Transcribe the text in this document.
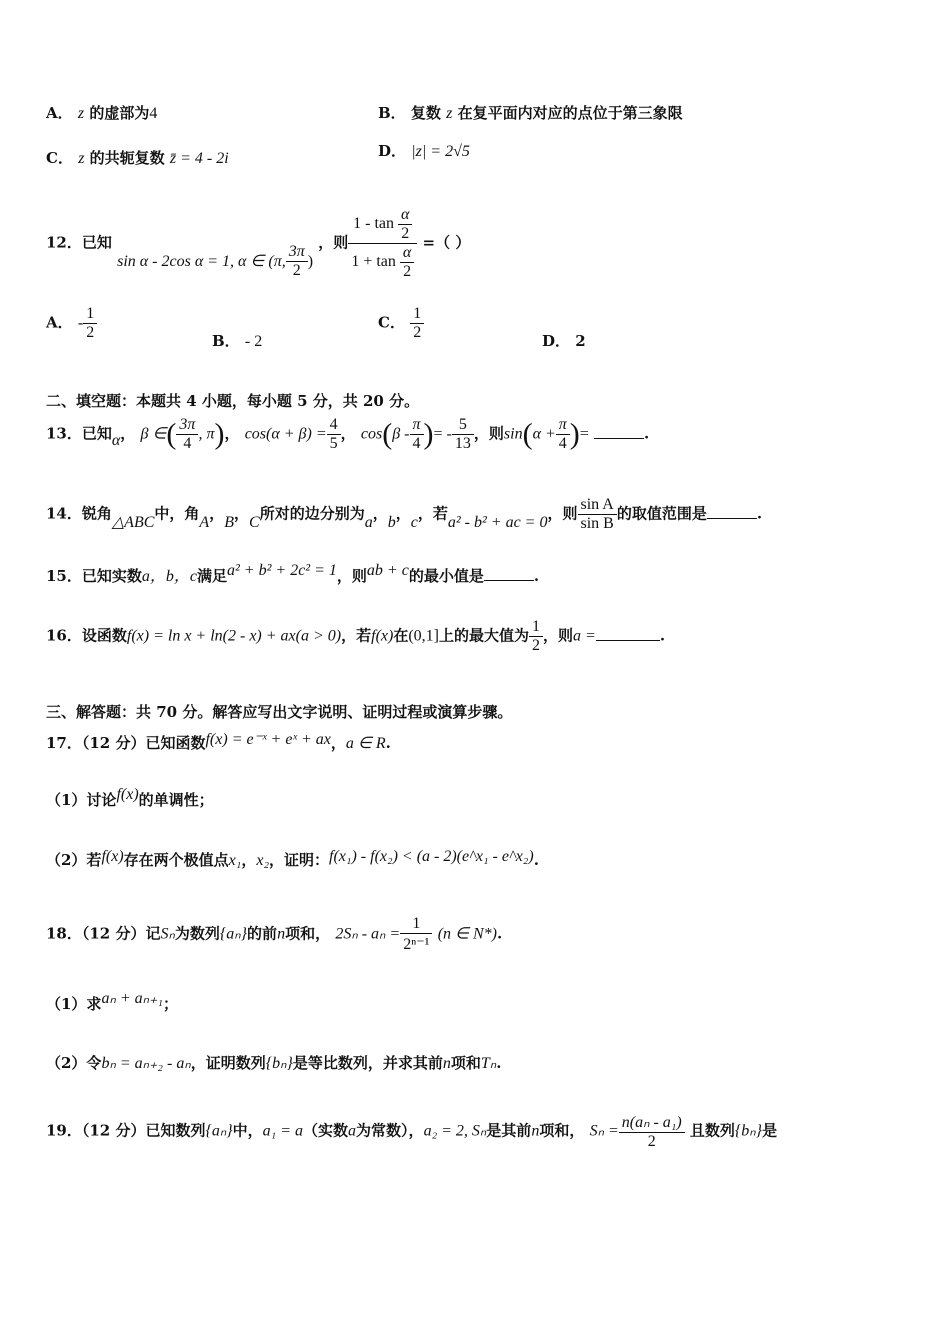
A． z 的虚部为4	B． 复数 z 在复平面内对应的点位于第三象限
C． z 的共轭复数 z̄ = 4 - 2i	D． |z| = 2√5
12．已知 sin α - 2cos α = 1, α ∈ (π, $\frac{3\pi}{2}$ ) ，则 $\frac{1 - \tan \frac{\alpha}{2}}{1 + \tan \frac{\alpha}{2}}$ =（ ）
A． - $\frac{1}{2}$	B． - 2
C． $\frac{1}{2}$	D． 2
二、填空题：本题共 4 小题，每小题 5 分，共 20 分。
13．已知α， β ∈( $\frac{3\pi}{4}$ , π)， $\cos(\alpha + \beta) = \frac{4}{5}$ ， $\cos(\beta - \frac{\pi}{4}$ )= - $\frac{5}{13}$ ，则$\sin(\alpha + \frac{\pi}{4}$ )=	.
14．锐角△ABC中，角A，B，C所对的边分别为a，b，c，若a² - b² + ac = 0，则 $\frac{\text{sin A}}{\text{sin B}}$ 的取值范围是	.
15．已知实数a，b，c满足a² + b² + 2c² = 1，则ab + c的最小值是	.
16．设函数f(x) = ln x + ln(2 - x) + ax(a > 0)，若f(x)在(0,1]上的最大值为 $\frac{1}{2}$ ，则a =	.
三、解答题：共 70 分。解答应写出文字说明、证明过程或演算步骤。
17．（12 分）已知函数f(x) = e⁻ˣ + eˣ + ax，a ∈ R.
（1）讨论f(x)的单调性；
（2）若f(x)存在两个极值点x₁，x₂，证明：f(x₁) - f(x₂) < (a - 2)(e^x₁ - e^x₂).
18．（12 分）记Sₙ为数列{aₙ}的前n项和， $2S_n - a_n = \frac{1}{\text{2ⁿ⁻¹}} (n$ ∈ N*).
（1）求aₙ + aₙ₊₁；
（2）令bₙ = aₙ₊₂ - aₙ，证明数列{bₙ}是等比数列，并求其前n项和Tₙ.
19．（12 分）已知数列{aₙ}中，a₁ = a（实数a为常数），a₂ = 2, Sₙ是其前n项和， $S_n = \frac{\text{n(aₙ - a₁)}}{2}$ 且数列{bₙ}是
